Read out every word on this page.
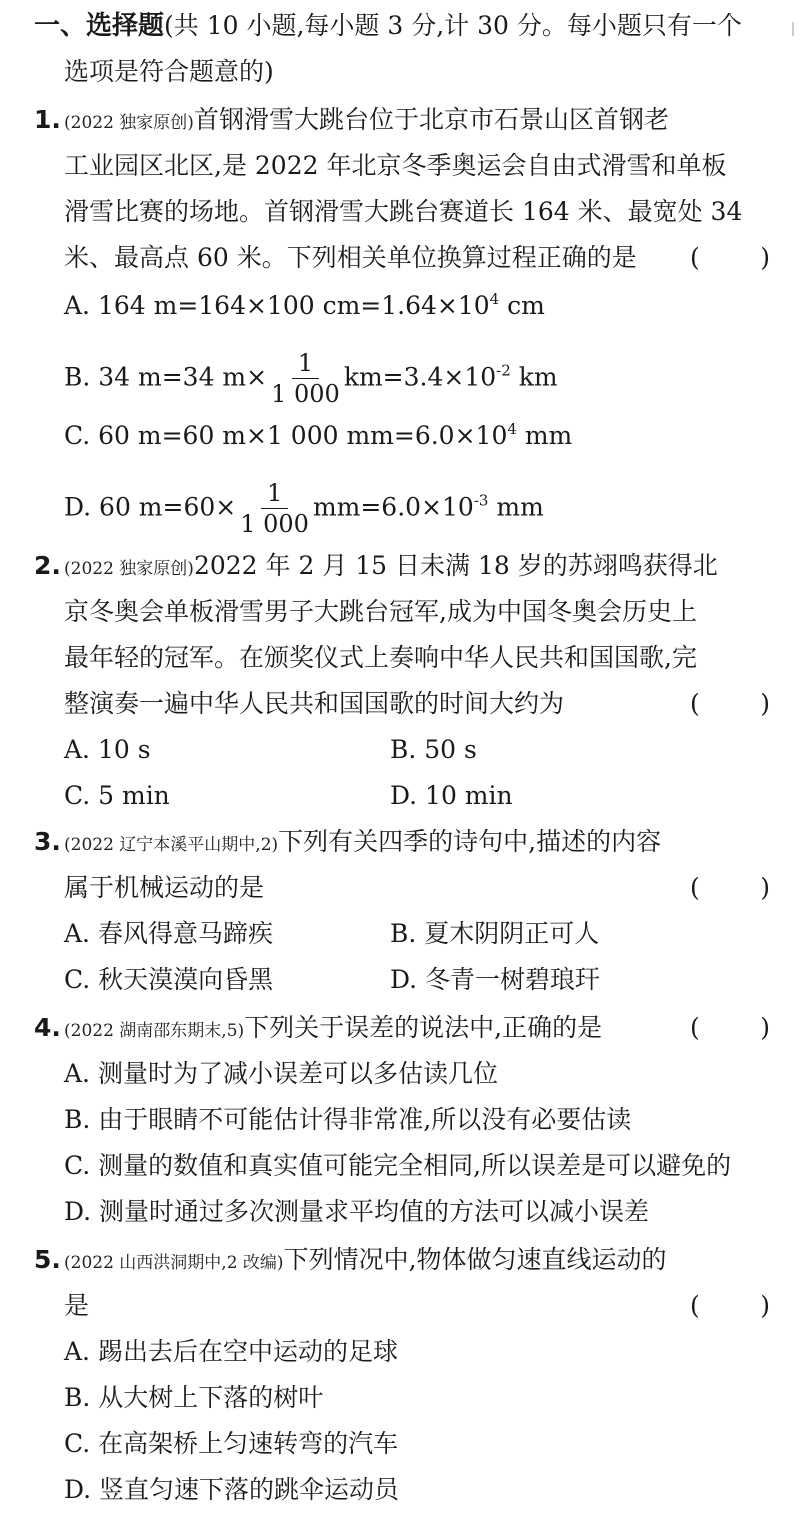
一、选择题(共 10 小题,每小题 3 分,计 30 分。每小题只有一个
选项是符合题意的)
1. (2022 独家原创)首钢滑雪大跳台位于北京市石景山区首钢老
工业园区北区,是 2022 年北京冬季奥运会自由式滑雪和单板
滑雪比赛的场地。首钢滑雪大跳台赛道长 164 米、最宽处 34
米、最高点 60 米。下列相关单位换算过程正确的是 ( )
A. 164 m=164×100 $cm=1.64\times 10^4$ cm
B. 34 m=34 $m\times \frac{1}{1 000} km=3.4\times 10^{-2}$ km
C. 60 m=60 m×1 000 $mm=6.0\times 10^4$ mm
D. 60 $m=60\times \frac{1}{1 000} mm=6.0\times 10^{-3}$ mm
2. (2022 独家原创)2022 年 2 月 15 日未满 18 岁的苏翊鸣获得北
京冬奥会单板滑雪男子大跳台冠军,成为中国冬奥会历史上
最年轻的冠军。在颁奖仪式上奏响中华人民共和国国歌,完
整演奏一遍中华人民共和国国歌的时间大约为	( )
A. 10 s	B. 50 s
C. 5 min	D. 10 min
3. (2022 辽宁本溪平山期中,2)下列有关四季的诗句中,描述的内容
属于机械运动的是	( )
A. 春风得意马蹄疾	B. 夏木阴阴正可人
C. 秋天漠漠向昏黑	D. 冬青一树碧琅玕
4. (2022 湖南邵东期末,5)下列关于误差的说法中,正确的是	( )
A. 测量时为了减小误差可以多估读几位
B. 由于眼睛不可能估计得非常准,所以没有必要估读
C. 测量的数值和真实值可能完全相同,所以误差是可以避免的
D. 测量时通过多次测量求平均值的方法可以减小误差
5. (2022 山西洪洞期中,2 改编)下列情况中,物体做匀速直线运动的
是	( )
A. 踢出去后在空中运动的足球
B. 从大树上下落的树叶
C. 在高架桥上匀速转弯的汽车
D. 竖直匀速下落的跳伞运动员
